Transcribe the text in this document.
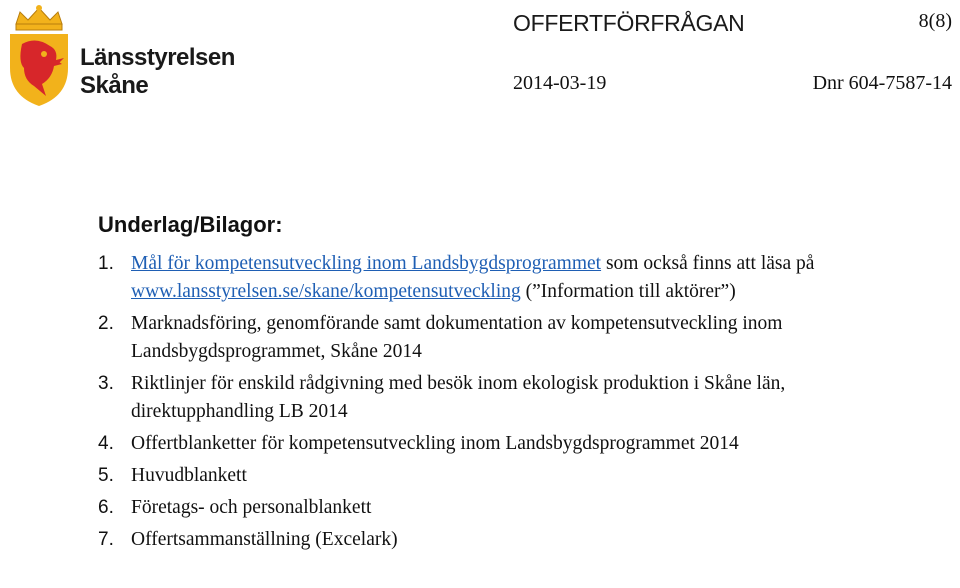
Länsstyrelsen
Skåne
OFFERTFÖRFRÅGAN	8(8)
2014-03-19	Dnr 604-7587-14
Underlag/Bilagor:
1. Mål för kompetensutveckling inom Landsbygdsprogrammet som också finns att läsa på www.lansstyrelsen.se/skane/kompetensutveckling (”Information till aktörer”)
2. Marknadsföring, genomförande samt dokumentation av kompetensutveckling inom Landsbygdsprogrammet, Skåne 2014
3. Riktlinjer för enskild rådgivning med besök inom ekologisk produktion i Skåne län, direktupphandling LB 2014
4. Offertblanketter för kompetensutveckling inom Landsbygdsprogrammet 2014
5. Huvudblankett
6. Företags- och personalblankett
7. Offertsammanställning (Excelark)
